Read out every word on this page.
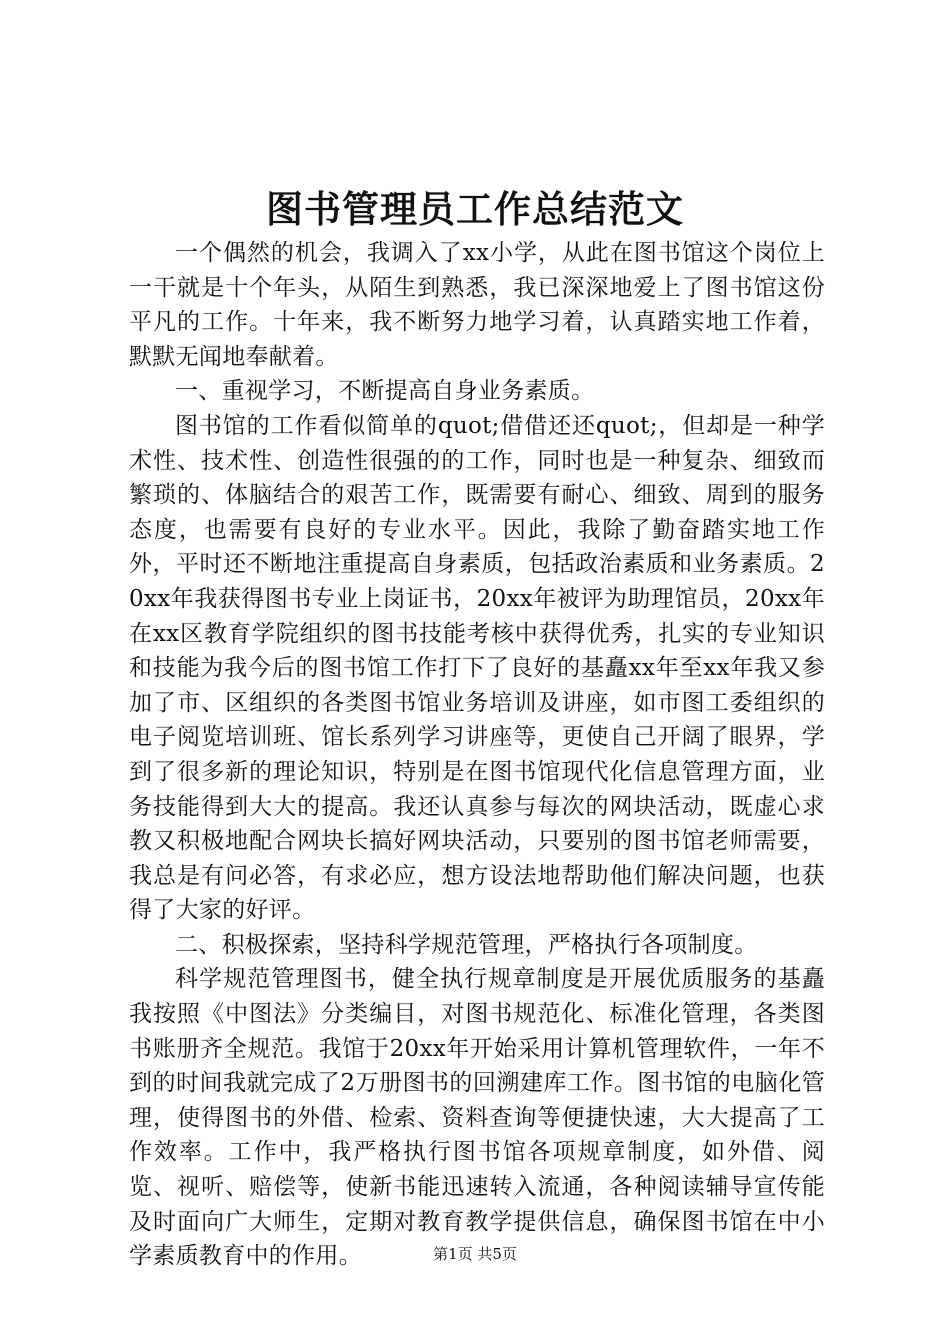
图书管理员工作总结范文

一个偶然的机会，我调入了xx小学，从此在图书馆这个岗位上一干就是十个年头，从陌生到熟悉，我已深深地爱上了图书馆这份平凡的工作。十年来，我不断努力地学习着，认真踏实地工作着，默默无闻地奉献着。

一、重视学习，不断提高自身业务素质。

图书馆的工作看似简单的quot;借借还还quot;，但却是一种学术性、技术性、创造性很强的的工作，同时也是一种复杂、细致而繁琐的、体脑结合的艰苦工作，既需要有耐心、细致、周到的服务态度，也需要有良好的专业水平。因此，我除了勤奋踏实地工作外，平时还不断地注重提高自身素质，包括政治素质和业务素质。20xx年我获得图书专业上岗证书，20xx年被评为助理馆员，20xx年在xx区教育学院组织的图书技能考核中获得优秀，扎实的专业知识和技能为我今后的图书馆工作打下了良好的基矗xx年至xx年我又参加了市、区组织的各类图书馆业务培训及讲座，如市图工委组织的电子阅览培训班、馆长系列学习讲座等，更使自己开阔了眼界，学到了很多新的理论知识，特别是在图书馆现代化信息管理方面，业务技能得到大大的提高。我还认真参与每次的网块活动，既虚心求教又积极地配合网块长搞好网块活动，只要别的图书馆老师需要，我总是有问必答，有求必应，想方设法地帮助他们解决问题，也获得了大家的好评。

二、积极探索，坚持科学规范管理，严格执行各项制度。

科学规范管理图书，健全执行规章制度是开展优质服务的基矗我按照《中图法》分类编目，对图书规范化、标准化管理，各类图书账册齐全规范。我馆于20xx年开始采用计算机管理软件，一年不到的时间我就完成了2万册图书的回溯建库工作。图书馆的电脑化管理，使得图书的外借、检索、资料查询等便捷快速，大大提高了工作效率。工作中，我严格执行图书馆各项规章制度，如外借、阅览、视听、赔偿等，使新书能迅速转入流通，各种阅读辅导宣传能及时面向广大师生，定期对教育教学提供信息，确保图书馆在中小学素质教育中的作用。	第1页 共5页
